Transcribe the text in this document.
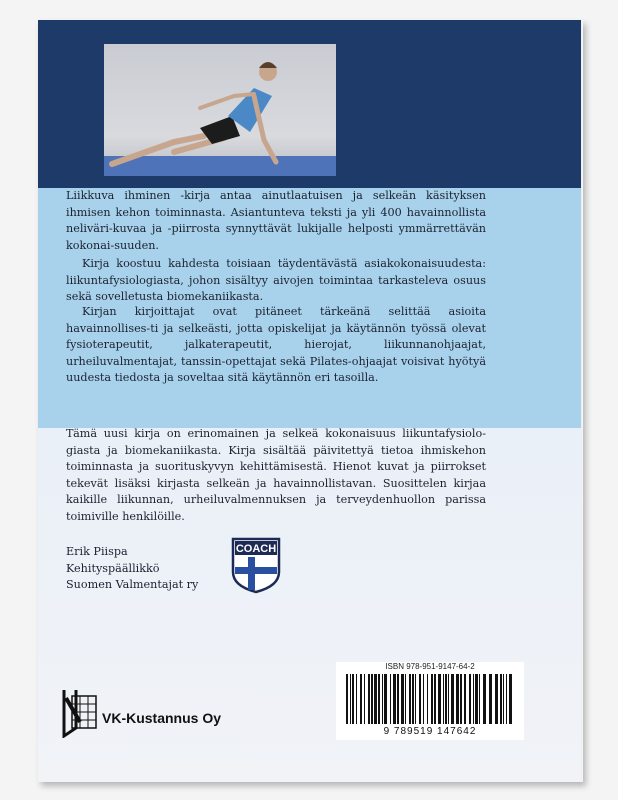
Liikkuva ihminen -kirja antaa ainutlaatuisen ja selkeän käsityksen ihmisen kehon toiminnasta. Asiantunteva teksti ja yli 400 havainnollista neliväri-kuvaa ja -piirrosta synnyttävät lukijalle helposti ymmärrettävän kokonai-suuden.

Kirja koostuu kahdesta toisiaan täydentävästä asiakokonaisuudesta: liikuntafysiologiasta, johon sisältyy aivojen toimintaa tarkasteleva osuus sekä sovelletusta biomekaniikasta.

Kirjan kirjoittajat ovat pitäneet tärkeänä selittää asioita havainnollises-ti ja selkeästi, jotta opiskelijat ja käytännön työssä olevat fysioterapeutit, jalkaterapeutit, hierojat, liikunnanohjaajat, urheiluvalmentajat, tanssin-opettajat sekä Pilates-ohjaajat voisivat hyötyä uudesta tiedosta ja soveltaa sitä käytännön eri tasoilla.

Tämä uusi kirja on erinomainen ja selkeä kokonaisuus liikuntafysiolo-giasta ja biomekaniikasta. Kirja sisältää päivitettyä tietoa ihmiskehon toiminnasta ja suorituskyvyn kehittämisestä. Hienot kuvat ja piirrokset tekevät lisäksi kirjasta selkeän ja havainnollistavan. Suosittelen kirjaa kaikille liikunnan, urheiluvalmennuksen ja terveydenhuollon parissa toimiville henkilöille.

Erik Piispa
Kehityspäällikkö
Suomen Valmentajat ry
COACH
ISBN 978-951-9147-64-2
9 789519 147642
VK-Kustannus Oy
